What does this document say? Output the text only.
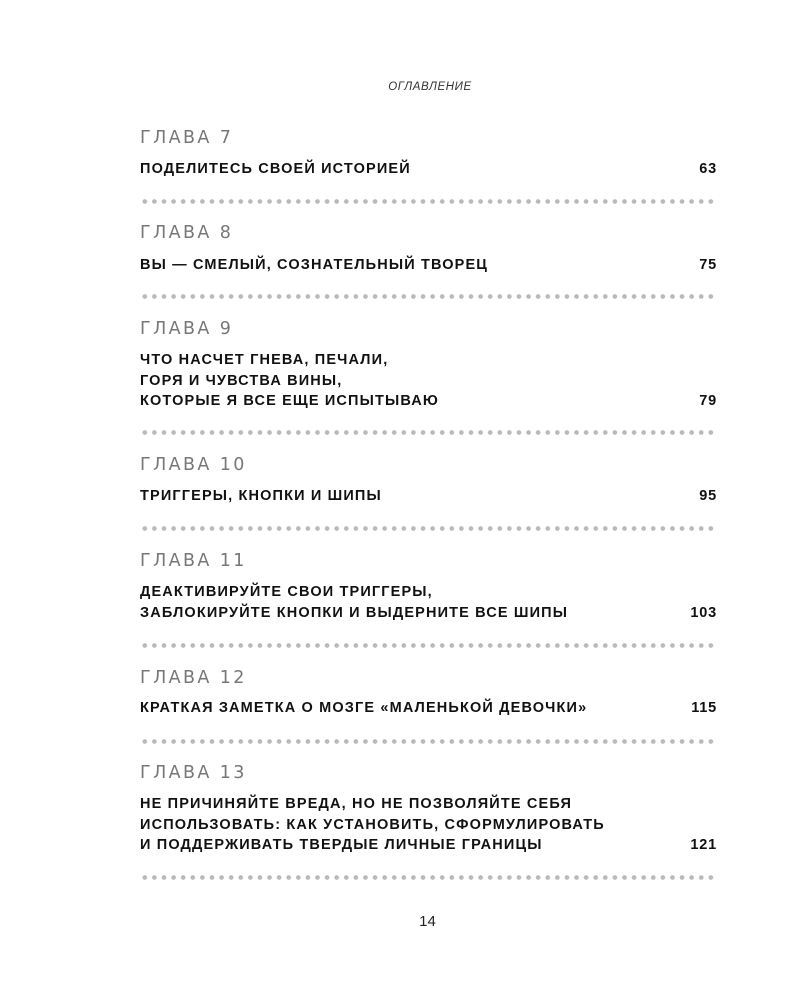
ОГЛАВЛЕНИЕ
ГЛАВА 7
ПОДЕЛИТЕСЬ СВОЕЙ ИСТОРИЕЙ	63
ГЛАВА 8
ВЫ — СМЕЛЫЙ, СОЗНАТЕЛЬНЫЙ ТВОРЕЦ	75
ГЛАВА 9
ЧТО НАСЧЕТ ГНЕВА, ПЕЧАЛИ,
ГОРЯ И ЧУВСТВА ВИНЫ,
КОТОРЫЕ Я ВСЕ ЕЩЕ ИСПЫТЫВАЮ	79
ГЛАВА 10
ТРИГГЕРЫ, КНОПКИ И ШИПЫ	95
ГЛАВА 11
ДЕАКТИВИРУЙТЕ СВОИ ТРИГГЕРЫ,
ЗАБЛОКИРУЙТЕ КНОПКИ И ВЫДЕРНИТЕ ВСЕ ШИПЫ	103
ГЛАВА 12
КРАТКАЯ ЗАМЕТКА О МОЗГЕ «МАЛЕНЬКОЙ ДЕВОЧКИ»	115
ГЛАВА 13
НЕ ПРИЧИНЯЙТЕ ВРЕДА, НО НЕ ПОЗВОЛЯЙТЕ СЕБЯ
ИСПОЛЬЗОВАТЬ: КАК УСТАНОВИТЬ, СФОРМУЛИРОВАТЬ
И ПОДДЕРЖИВАТЬ ТВЕРДЫЕ ЛИЧНЫЕ ГРАНИЦЫ	121
14
